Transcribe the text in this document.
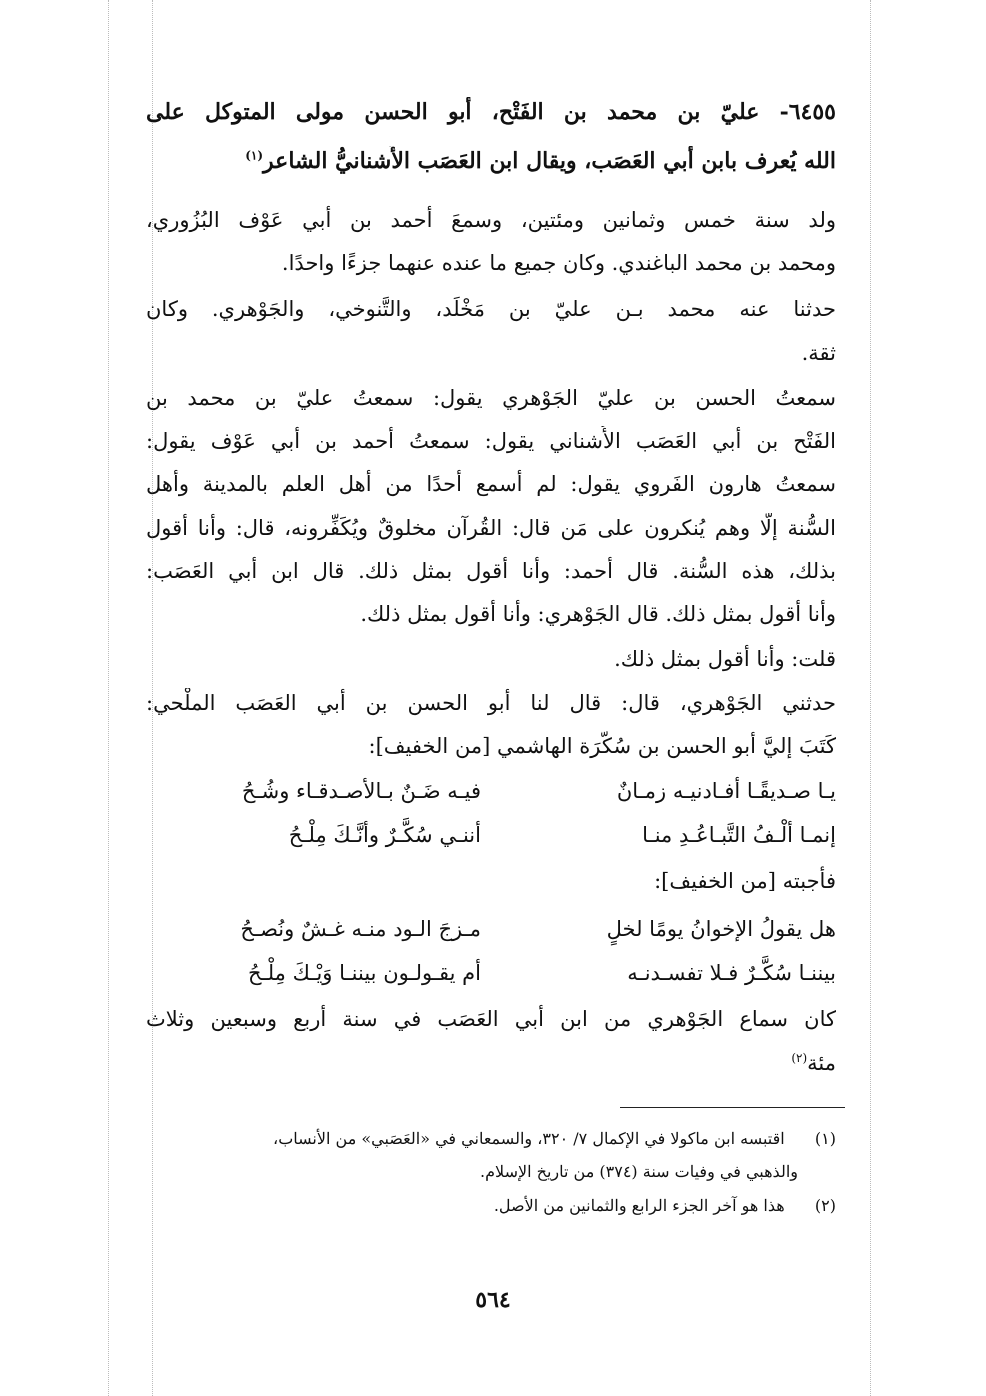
٦٤٥٥- عليّ بن محمد بن الفَتْح، أبو الحسن مولى المتوكل على
الله يُعرف بابن أبي العَصَب، ويقال ابن العَصَب الأُشنانيُّ الشاعر$^{(١)}$
ولد سنة خمس وثمانين ومئتين، وسمعَ أحمد بن أبي عَوْف البُزُوري،
ومحمد بن محمد الباغندي. وكان جميع ما عنده عنهما جزءًا واحدًا.
حدثنا عنه محمد بـن عليّ بن مَخْلَد، والتَّنوخي، والجَوْهري. وكان
ثقة.
سمعتُ الحسن بن عليّ الجَوْهري يقول: سمعتُ عليّ بن محمد بن
الفَتْح بن أبي العَصَب الأُشناني يقول: سمعتُ أحمد بن أبي عَوْف يقول:
سمعتُ هارون الفَروي يقول: لم أسمع أحدًا من أهل العلم بالمدينة وأهل
السُّنة إلّا وهم يُنكرون على مَن قال: القُرآن مخلوقٌ ويُكَفِّرونه، قال: وأنا أقول
بذلك، هذه السُّنة. قال أحمد: وأنا أقول بمثل ذلك. قال ابن أبي العَصَب:
وأنا أقول بمثل ذلك. قال الجَوْهري: وأنا أقول بمثل ذلك.
قلت: وأنا أقول بمثل ذلك.
حدثني الجَوْهري، قال: قال لنا أبو الحسن بن أبي العَصَب الملْحي:
كَتَبَ إليَّ أبو الحسن بن سُكَّرَة الهاشمي [من الخفيف]:
يـا صـديقًـا أفـادنيـه زمـانٌ
فيـه ضَـنٌ بـالأصـدقـاء وشُـحُ
إنمـا ألْـفُ التَّبـاعُـدِ منـا
أننـي سُكَّـرٌ وأنَّـكَ مِلْـحُ
فأجبته [من الخفيف]:
هل يقولُ الإخوانُ يومًا لخلٍ
مـزجَ الـود منـه غـشٌ ونُصـحُ
بيننـا سُكَّـرٌ فـلا تفسـدنـه
أم يقـولـون بيننـا وَيْـكَ مِلْـحُ
كان سماع الجَوْهري من ابن أبي العَصَب في سنة أربع وسبعين وثلاث
مئة$^{(٢)}$
(١)  اقتبسه ابن ماكولا في الإكمال ٧/ ٣٢٠، والسمعاني في «العَصَبي» من الأنساب،
والذهبي في وفيات سنة (٣٧٤) من تاريخ الإسلام.
(٢)  هذا هو آخر الجزء الرابع والثمانين من الأصل.
٥٦٤
